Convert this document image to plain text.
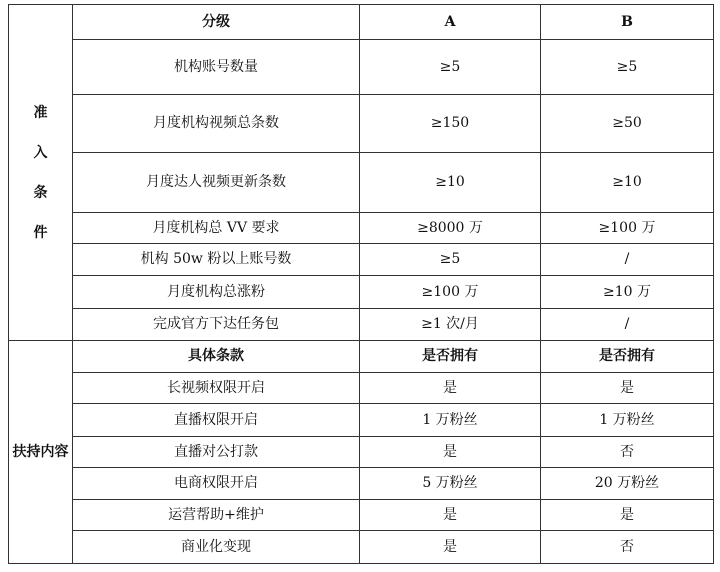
准入条件	分级	A	B
	机构账号数量	≥5	≥5
	月度机构视频总条数	≥150	≥50
	月度达人视频更新条数	≥10	≥10
	月度机构总 VV 要求	≥8000 万	≥100 万
	机构 50w 粉以上账号数	≥5	/
	月度机构总涨粉	≥100 万	≥10 万
	完成官方下达任务包	≥1 次/月	/
扶持内容	具体条款	是否拥有	是否拥有
	长视频权限开启	是	是
	直播权限开启	1 万粉丝	1 万粉丝
	直播对公打款	是	否
	电商权限开启	5 万粉丝	20 万粉丝
	运营帮助+维护	是	是
	商业化变现	是	否
